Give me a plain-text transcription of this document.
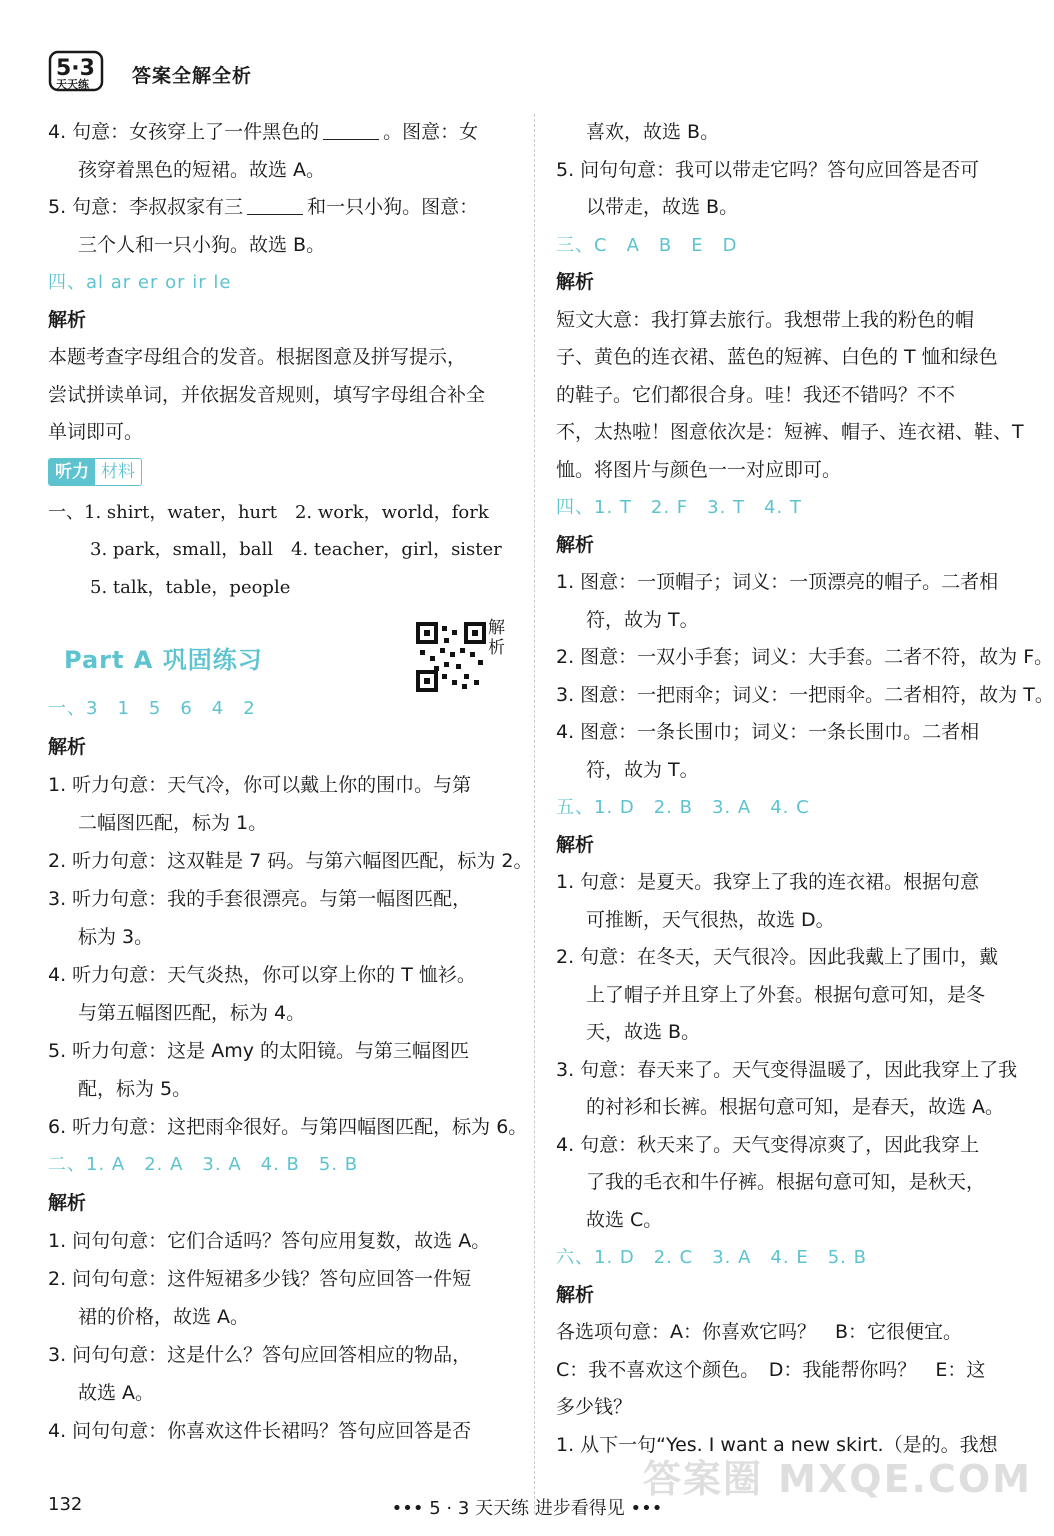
5·3
天天练 答案全解全析
4. 句意：女孩穿上了一件黑色的	。图意：女
孩穿着黑色的短裙。故选 A。
5. 句意：李叔叔家有三	和一只小狗。图意：
三个人和一只小狗。故选 B。
四、al ar er or ir le
解析
本题考查字母组合的发音。根据图意及拼写提示，
尝试拼读单词，并依据发音规则，填写字母组合补全
单词即可。
听力 材料
一、1. shirt，water，hurt　2. work，world，fork
3. park，small，ball　4. teacher，girl，sister
5. talk，table，people
Part A 巩固练习
解析
一、3　1　5　6　4　2
解析
1. 听力句意：天气冷，你可以戴上你的围巾。与第
二幅图匹配，标为 1。
2. 听力句意：这双鞋是 7 码。与第六幅图匹配，标为 2。
3. 听力句意：我的手套很漂亮。与第一幅图匹配，
标为 3。
4. 听力句意：天气炎热，你可以穿上你的 T 恤衫。
与第五幅图匹配，标为 4。
5. 听力句意：这是 Amy 的太阳镜。与第三幅图匹
配，标为 5。
6. 听力句意：这把雨伞很好。与第四幅图匹配，标为 6。
二、1. A　2. A　3. A　4. B　5. B
解析
1. 问句句意：它们合适吗？答句应用复数，故选 A。
2. 问句句意：这件短裙多少钱？答句应回答一件短
裙的价格，故选 A。
3. 问句句意：这是什么？答句应回答相应的物品，
故选 A。
4. 问句句意：你喜欢这件长裙吗？答句应回答是否
喜欢，故选 B。
5. 问句句意：我可以带走它吗？答句应回答是否可
以带走，故选 B。
三、C　A　B　E　D
解析
短文大意：我打算去旅行。我想带上我的粉色的帽
子、黄色的连衣裙、蓝色的短裤、白色的 T 恤和绿色
的鞋子。它们都很合身。哇！我还不错吗？不不
不，太热啦！图意依次是：短裤、帽子、连衣裙、鞋、T
恤。将图片与颜色一一对应即可。
四、1. T　2. F　3. T　4. T
解析
1. 图意：一顶帽子；词义：一顶漂亮的帽子。二者相
符，故为 T。
2. 图意：一双小手套；词义：大手套。二者不符，故为 F。
3. 图意：一把雨伞；词义：一把雨伞。二者相符，故为 T。
4. 图意：一条长围巾；词义：一条长围巾。二者相
符，故为 T。
五、1. D　2. B　3. A　4. C
解析
1. 句意：是夏天。我穿上了我的连衣裙。根据句意
可推断，天气很热，故选 D。
2. 句意：在冬天，天气很冷。因此我戴上了围巾，戴
上了帽子并且穿上了外套。根据句意可知，是冬
天，故选 B。
3. 句意：春天来了。天气变得温暖了，因此我穿上了我
的衬衫和长裤。根据句意可知，是春天，故选 A。
4. 句意：秋天来了。天气变得凉爽了，因此我穿上
了我的毛衣和牛仔裤。根据句意可知，是秋天，
故选 C。
六、1. D　2. C　3. A　4. E　5. B
解析
各选项句意：A：你喜欢它吗？　B：它很便宜。
C：我不喜欢这个颜色。　D：我能帮你吗？　E：这
多少钱？
1. 从下一句“Yes. I want a new skirt.（是的。我想
答案圈 MXQE.COM
132	••• 5 · 3 天天练 进步看得见 •••
